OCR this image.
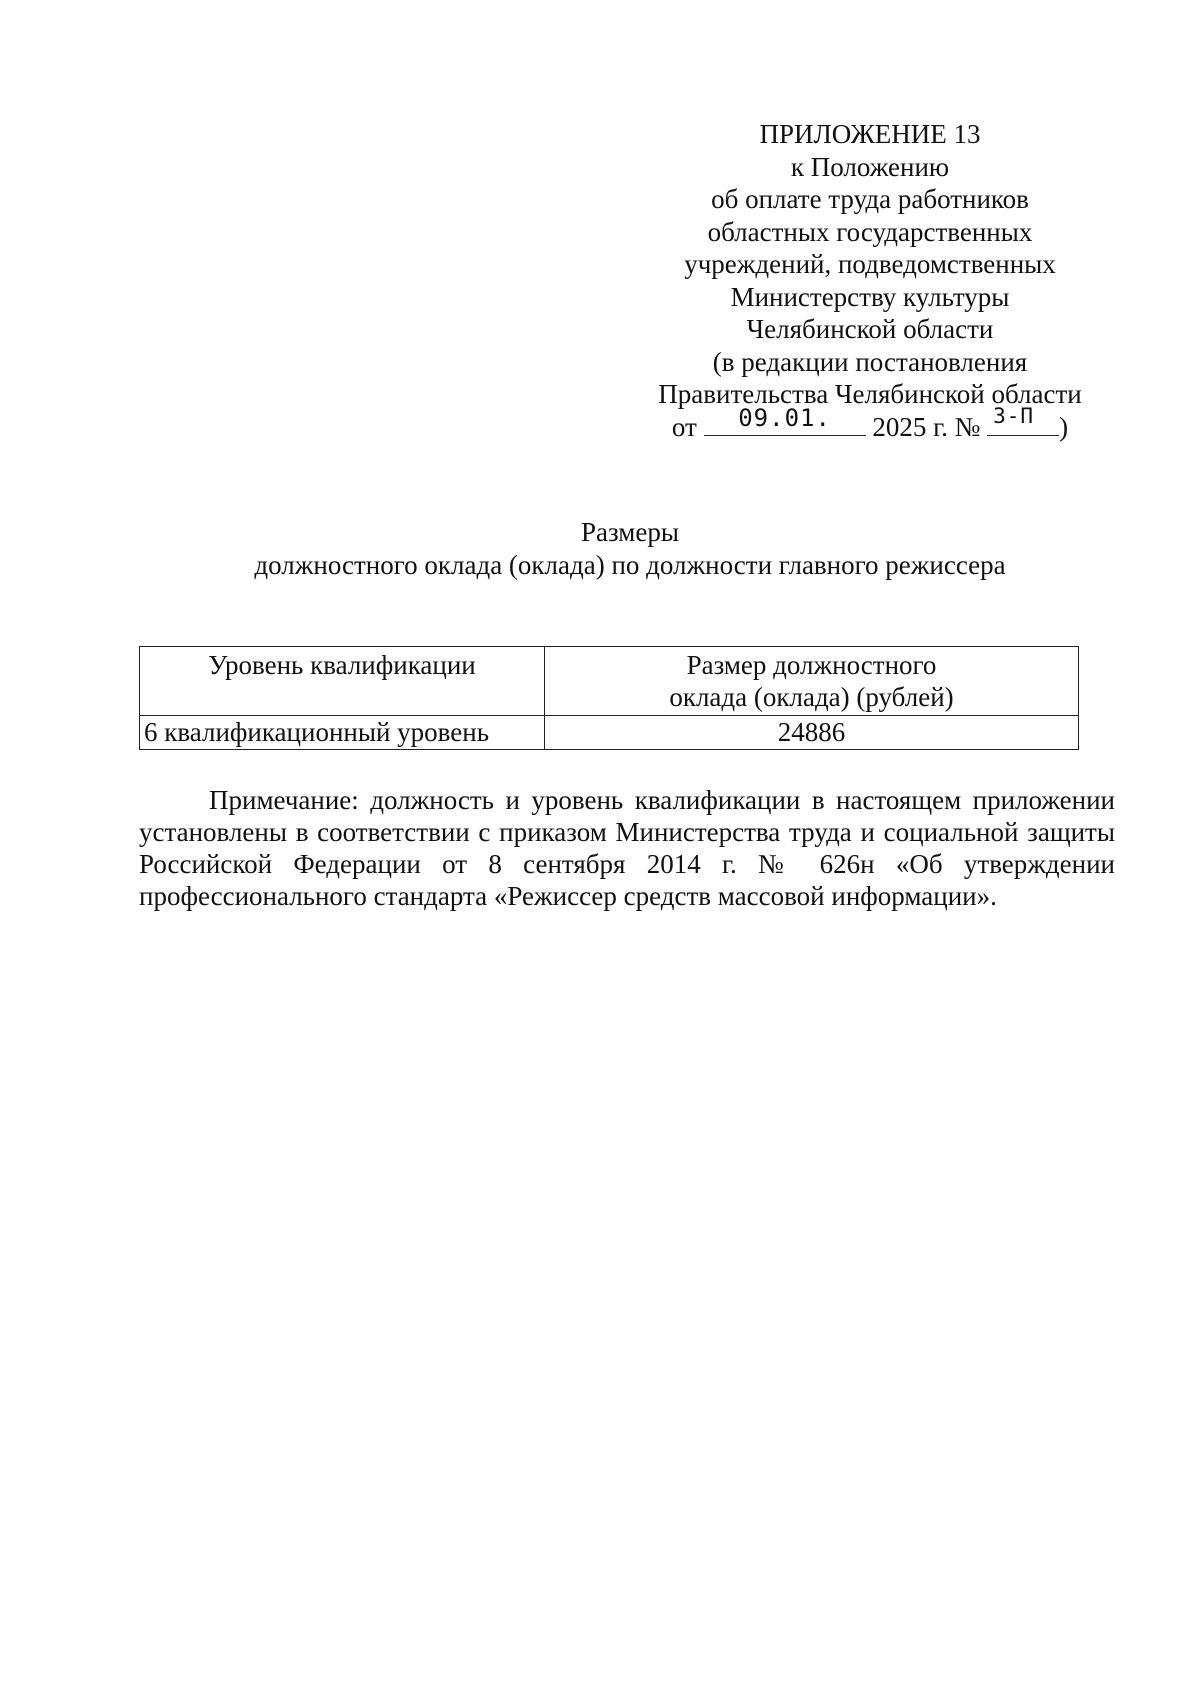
ПРИЛОЖЕНИЕ 13
к Положению
об оплате труда работников
областных государственных
учреждений, подведомственных
Министерству культуры
Челябинской области
(в редакции постановления
Правительства Челябинской области
от	09.01.	2025 г. № 3-П )
Размеры
должностного оклада (оклада) по должности главного режиссера
Уровень квалификации	Размер должностного
оклада (оклада) (рублей)

6 квалификационный уровень	24886
Примечание: должность и уровень квалификации в настоящем приложении установлены в соответствии с приказом Министерства труда и социальной защиты Российской Федерации от 8 сентября 2014 г. № 626н «Об утверждении профессионального стандарта «Режиссер средств массовой информации».
